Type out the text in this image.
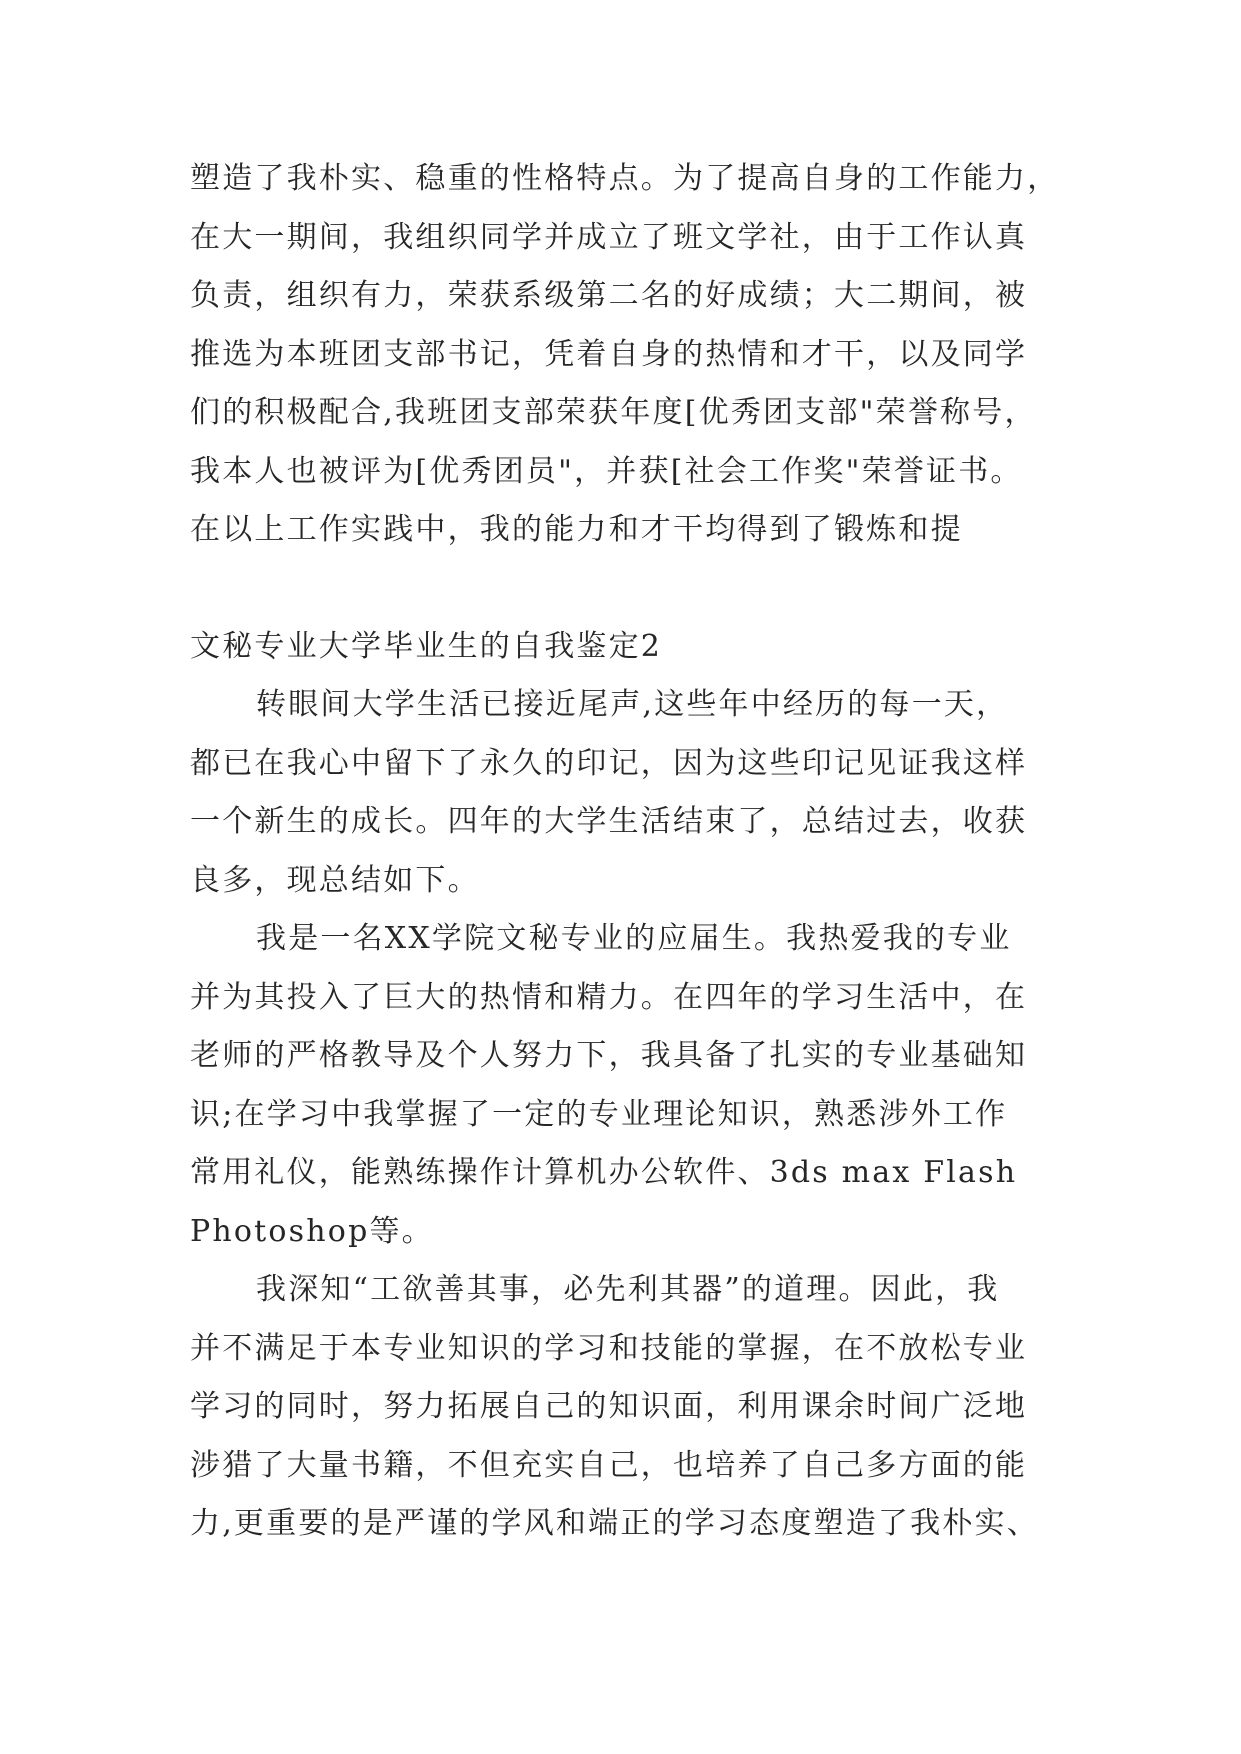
塑造了我朴实、稳重的性格特点。为了提高自身的工作能力，
在大一期间，我组织同学并成立了班文学社，由于工作认真
负责，组织有力，荣获系级第二名的好成绩；大二期间，被
推选为本班团支部书记，凭着自身的热情和才干，以及同学
们的积极配合,我班团支部荣获年度[优秀团支部"荣誉称号，
我本人也被评为[优秀团员"，并获[社会工作奖"荣誉证书。
在以上工作实践中，我的能力和才干均得到了锻炼和提
文秘专业大学毕业生的自我鉴定2
转眼间大学生活已接近尾声,这些年中经历的每一天，
都已在我心中留下了永久的印记，因为这些印记见证我这样
一个新生的成长。四年的大学生活结束了，总结过去，收获
良多，现总结如下。
我是一名XX学院文秘专业的应届生。我热爱我的专业
并为其投入了巨大的热情和精力。在四年的学习生活中，在
老师的严格教导及个人努力下，我具备了扎实的专业基础知
识;在学习中我掌握了一定的专业理论知识，熟悉涉外工作
常用礼仪，能熟练操作计算机办公软件、3ds max Flash
Photoshop等。
我深知“工欲善其事，必先利其器”的道理。因此，我
并不满足于本专业知识的学习和技能的掌握，在不放松专业
学习的同时，努力拓展自己的知识面，利用课余时间广泛地
涉猎了大量书籍，不但充实自己，也培养了自己多方面的能
力,更重要的是严谨的学风和端正的学习态度塑造了我朴实、
